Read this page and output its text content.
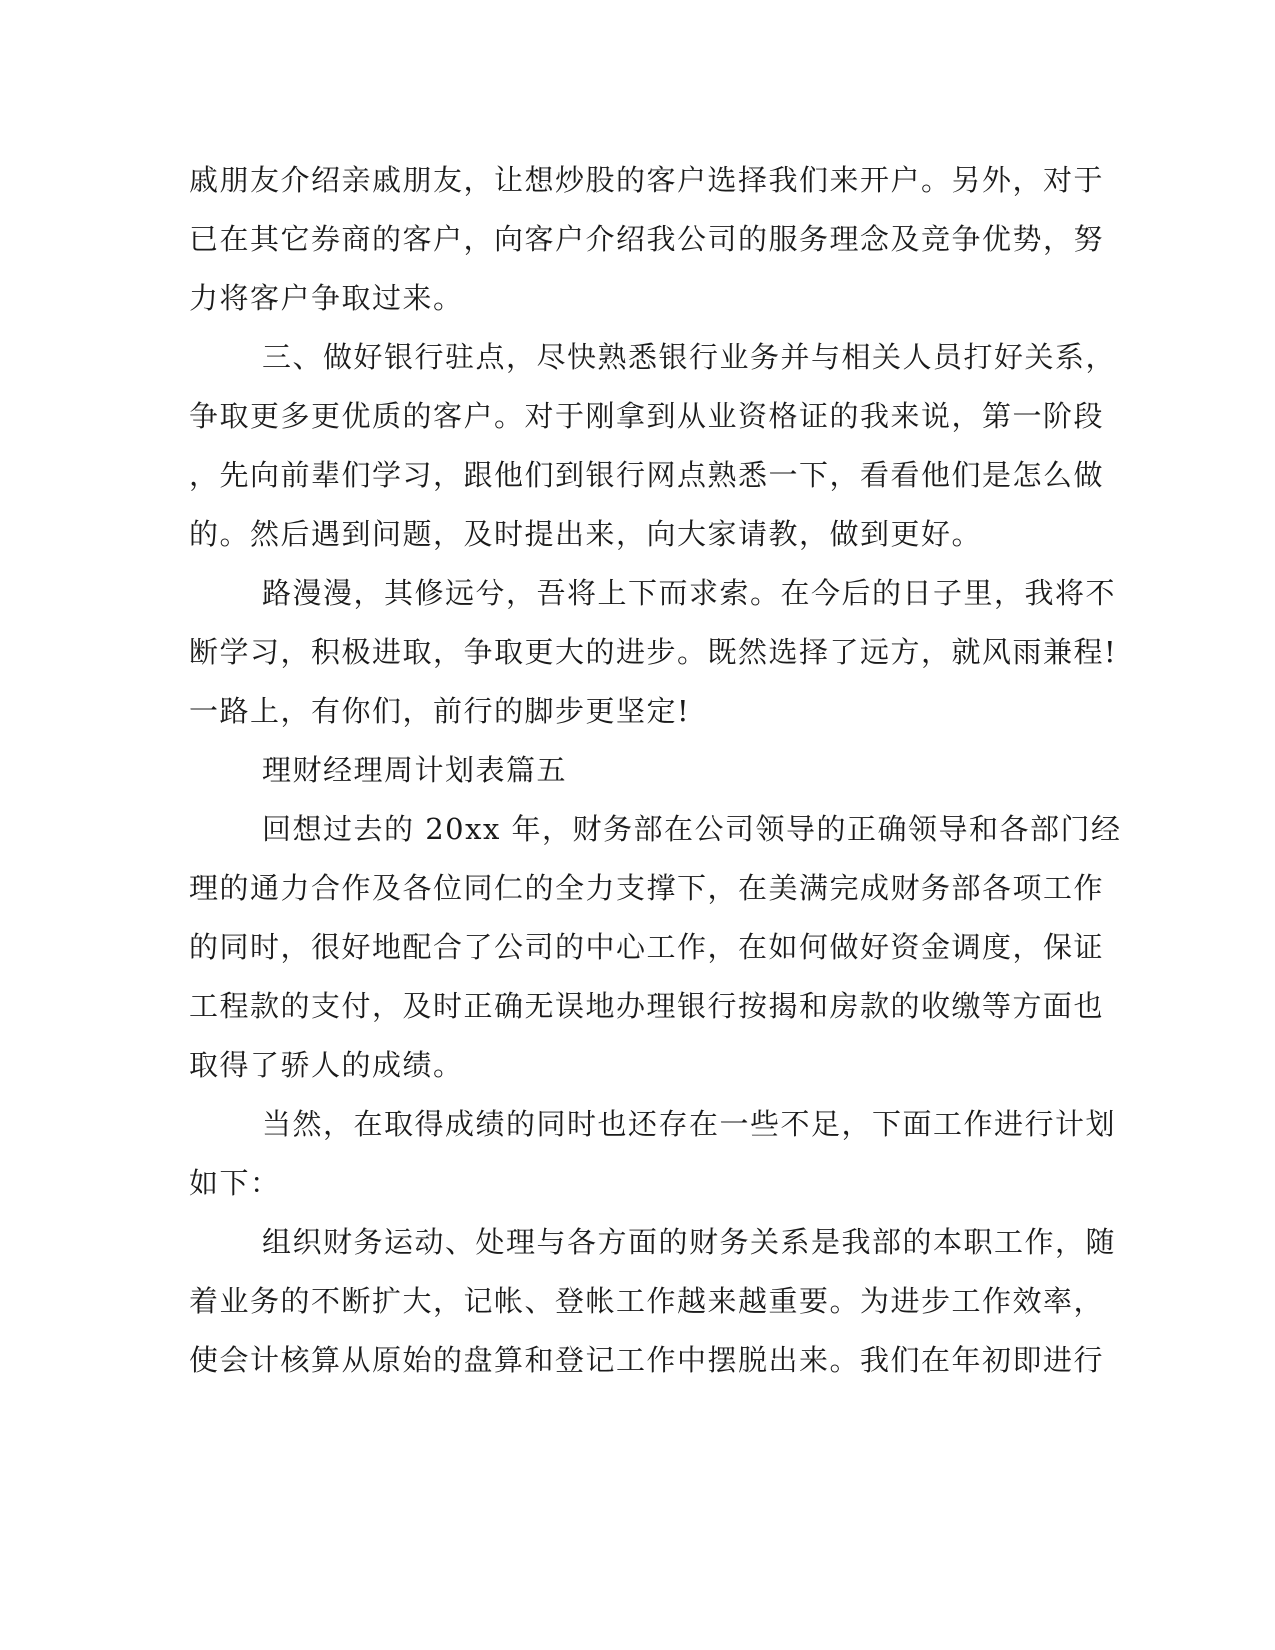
戚朋友介绍亲戚朋友，让想炒股的客户选择我们来开户。另外，对于
已在其它券商的客户，向客户介绍我公司的服务理念及竞争优势，努
力将客户争取过来。
三、做好银行驻点，尽快熟悉银行业务并与相关人员打好关系，
争取更多更优质的客户。对于刚拿到从业资格证的我来说，第一阶段
，先向前辈们学习，跟他们到银行网点熟悉一下，看看他们是怎么做
的。然后遇到问题，及时提出来，向大家请教，做到更好。
路漫漫，其修远兮，吾将上下而求索。在今后的日子里，我将不
断学习，积极进取，争取更大的进步。既然选择了远方，就风雨兼程!
一路上，有你们，前行的脚步更坚定!
理财经理周计划表篇五
回想过去的 20xx 年，财务部在公司领导的正确领导和各部门经
理的通力合作及各位同仁的全力支撑下，在美满完成财务部各项工作
的同时，很好地配合了公司的中心工作，在如何做好资金调度，保证
工程款的支付，及时正确无误地办理银行按揭和房款的收缴等方面也
取得了骄人的成绩。
当然，在取得成绩的同时也还存在一些不足，下面工作进行计划
如下：
组织财务运动、处理与各方面的财务关系是我部的本职工作，随
着业务的不断扩大，记帐、登帐工作越来越重要。为进步工作效率，
使会计核算从原始的盘算和登记工作中摆脱出来。我们在年初即进行
